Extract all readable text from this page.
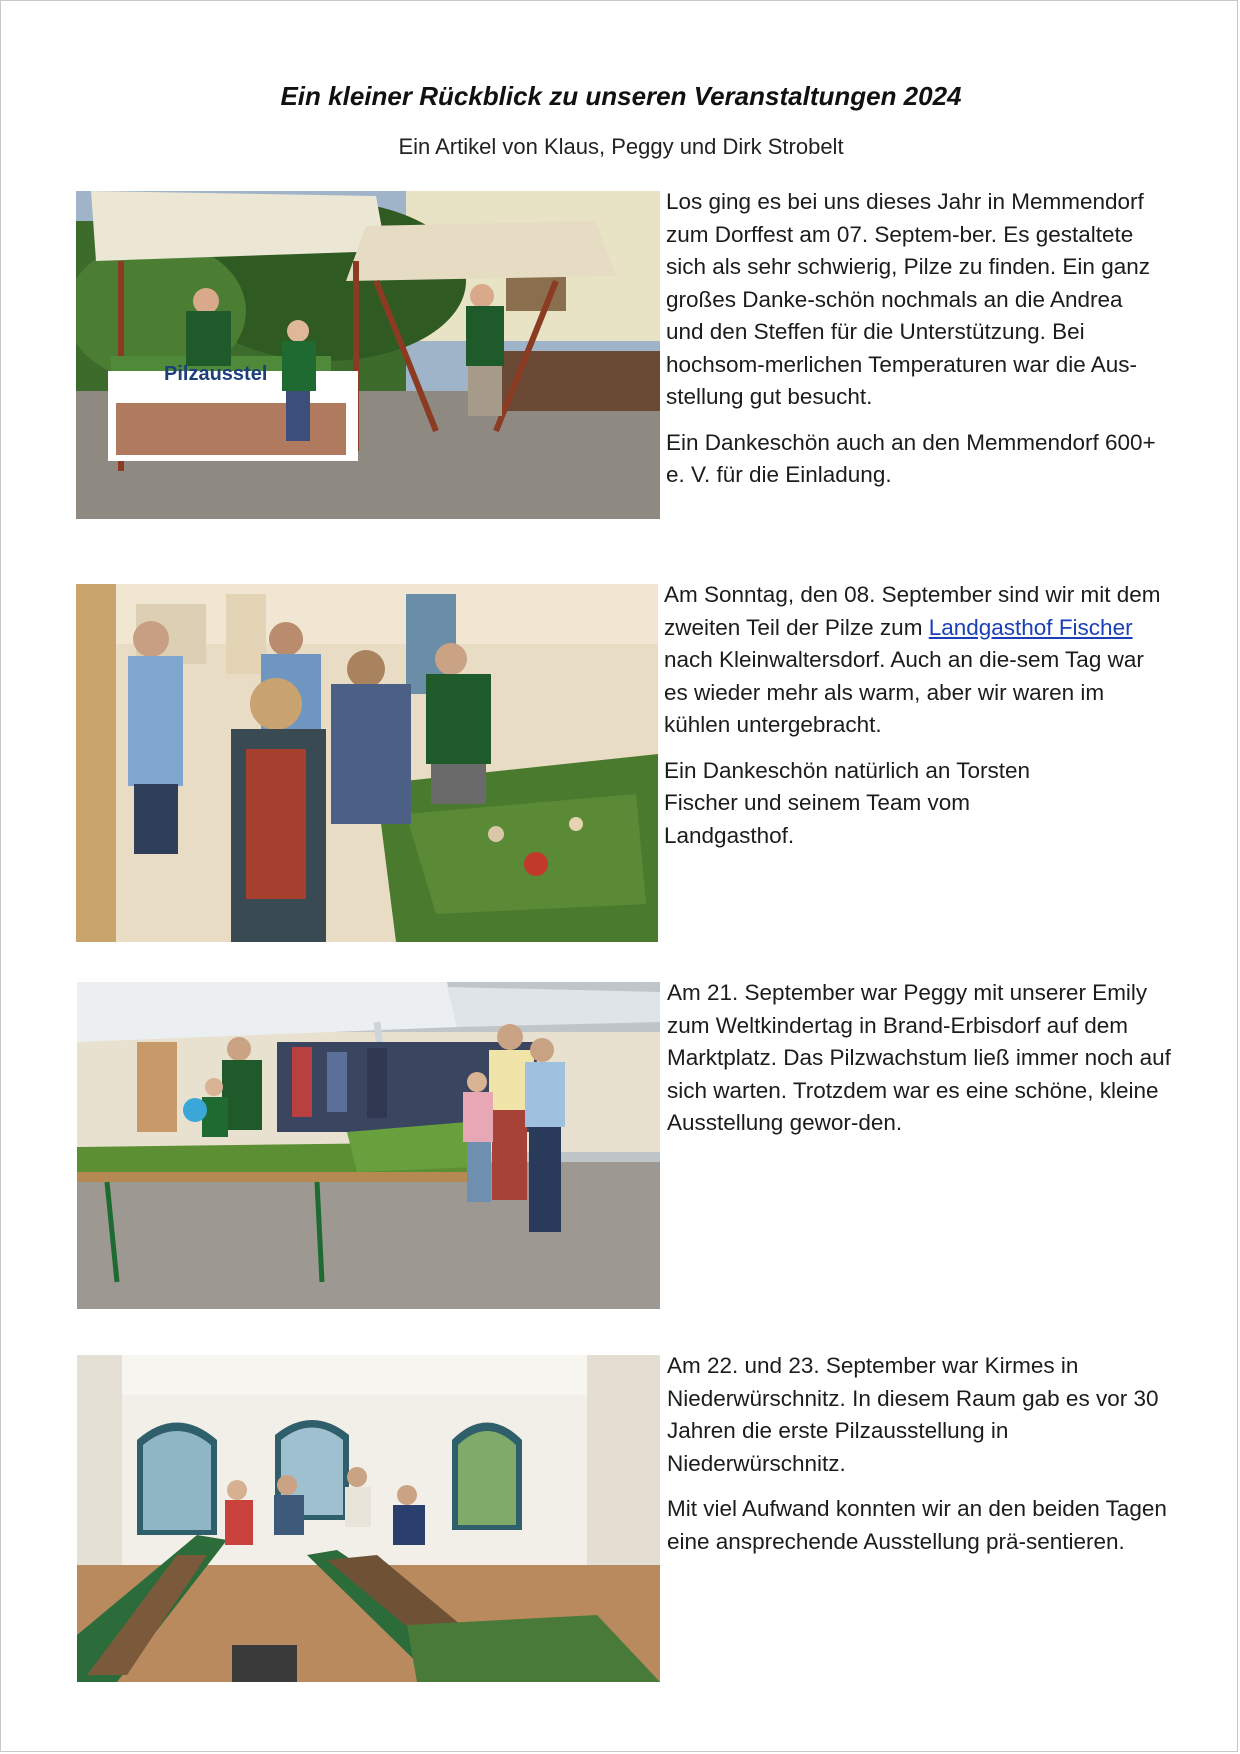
Ein kleiner Rückblick zu unseren Veranstaltungen 2024
Ein Artikel von Klaus, Peggy und Dirk Strobelt
Pilzausstel

Los ging es bei uns dieses Jahr in Memmendorf zum Dorffest am 07. Septem-ber. Es gestaltete sich als sehr schwierig, Pilze zu finden. Ein ganz großes Danke-schön nochmals an die Andrea und den Steffen für die Unterstützung. Bei hochsom-merlichen Temperaturen war die Aus-stellung gut besucht.

Ein Dankeschön auch an den Memmendorf 600+ e. V. für die Einladung.

Am Sonntag, den 08. September sind wir mit dem zweiten Teil der Pilze zum Landgasthof Fischer nach Kleinwaltersdorf. Auch an die-sem Tag war es wieder mehr als warm, aber wir waren im kühlen untergebracht.

Ein Dankeschön natürlich an Torsten Fischer und seinem Team vom Landgasthof.

Am 21. September war Peggy mit unserer Emily zum Weltkindertag in Brand-Erbisdorf auf dem Marktplatz. Das Pilzwachstum ließ immer noch auf sich warten. Trotzdem war es eine schöne, kleine Ausstellung gewor-den.

Am 22. und 23. September war Kirmes in Niederwürschnitz. In diesem Raum gab es vor 30 Jahren die erste Pilzausstellung in Niederwürschnitz.

Mit viel Aufwand konnten wir an den beiden Tagen eine ansprechende Ausstellung prä-sentieren.
